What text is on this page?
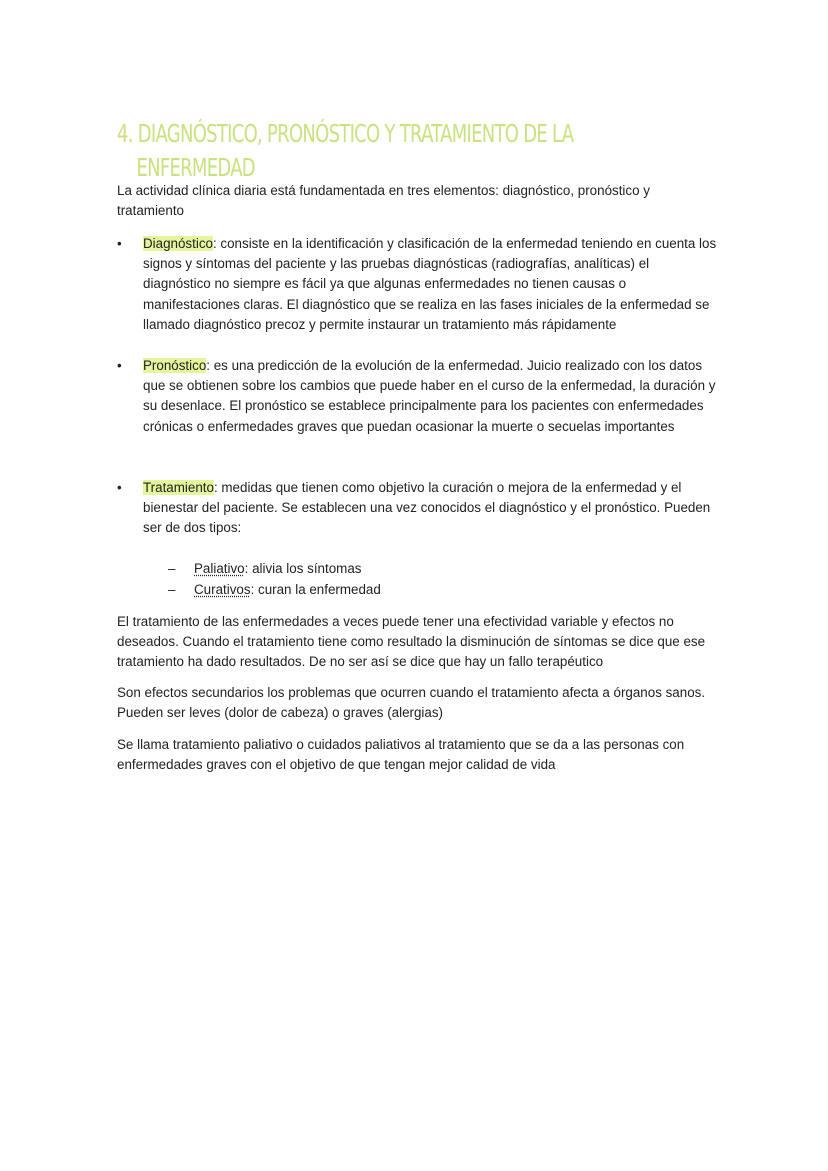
4. DIAGNÓSTICO, PRONÓSTICO Y TRATAMIENTO DE LA
ENFERMEDAD

La actividad clínica diaria está fundamentada en tres elementos: diagnóstico, pronóstico y tratamiento

• Diagnóstico: consiste en la identificación y clasificación de la enfermedad teniendo en cuenta los signos y síntomas del paciente y las pruebas diagnósticas (radiografías, analíticas) el diagnóstico no siempre es fácil ya que algunas enfermedades no tienen causas o manifestaciones claras. El diagnóstico que se realiza en las fases iniciales de la enfermedad se llamado diagnóstico precoz y permite instaurar un tratamiento más rápidamente
• Pronóstico: es una predicción de la evolución de la enfermedad. Juicio realizado con los datos que se obtienen sobre los cambios que puede haber en el curso de la enfermedad, la duración y su desenlace. El pronóstico se establece principalmente para los pacientes con enfermedades crónicas o enfermedades graves que puedan ocasionar la muerte o secuelas importantes
• Tratamiento: medidas que tienen como objetivo la curación o mejora de la enfermedad y el bienestar del paciente. Se establecen una vez conocidos el diagnóstico y el pronóstico. Pueden ser de dos tipos:
– Paliativo: alivia los síntomas
– Curativos: curan la enfermedad

El tratamiento de las enfermedades a veces puede tener una efectividad variable y efectos no deseados. Cuando el tratamiento tiene como resultado la disminución de síntomas se dice que ese tratamiento ha dado resultados. De no ser así se dice que hay un fallo terapéutico

Son efectos secundarios los problemas que ocurren cuando el tratamiento afecta a órganos sanos. Pueden ser leves (dolor de cabeza) o graves (alergias)

Se llama tratamiento paliativo o cuidados paliativos al tratamiento que se da a las personas con enfermedades graves con el objetivo de que tengan mejor calidad de vida
